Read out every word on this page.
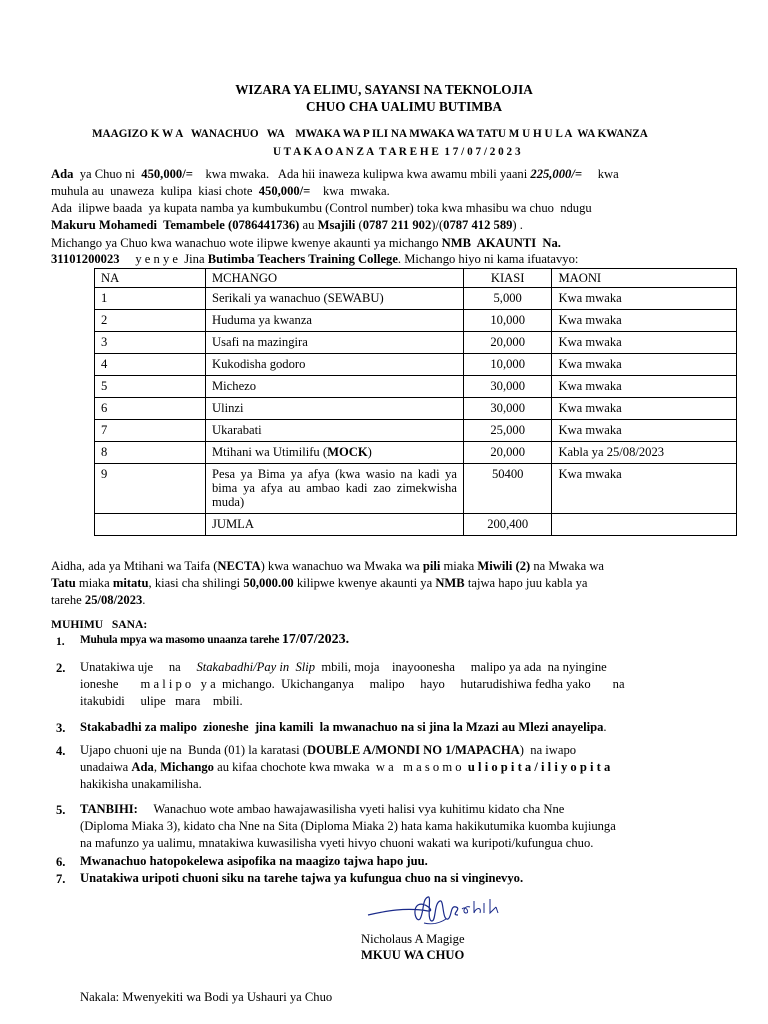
WIZARA YA ELIMU, SAYANSI NA TEKNOLOJIA
CHUO CHA UALIMU BUTIMBA
MAAGIZO K W A   WANACHUO   WA    MWAKA WA P ILI NA MWAKA WA TATU M U H U L A  WA KWANZA
U T A K A O A N Z A  T A R E H E  1 7 / 0 7 / 2 0 2 3
Ada  ya Chuo ni  450,000/=    kwa mwaka.   Ada hii inaweza kulipwa kwa awamu mbili yaani 225,000/=     kwa
muhula au  unaweza  kulipa  kiasi chote  450,000/=    kwa  mwaka.
Ada  ilipwe baada  ya kupata namba ya kumbukumbu (Control number) toka kwa mhasibu wa chuo  ndugu
Makuru Mohamedi  Temambele (0786441736) au Msajili (0787 211 902)/(0787 412 589) .
Michango ya Chuo kwa wanachuo wote ilipwe kwenye akaunti ya michango NMB  AKAUNTI  Na.
31101200023     y e n y e  Jina Butimba Teachers Training College. Michango hiyo ni kama ifuatavyo:
NA	MCHANGO	KIASI	MAONI
1	Serikali ya wanachuo (SEWABU)	5,000	Kwa mwaka
2	Huduma ya kwanza	10,000	Kwa mwaka
3	Usafi na mazingira	20,000	Kwa mwaka
4	Kukodisha godoro	10,000	Kwa mwaka
5	Michezo	30,000	Kwa mwaka
6	Ulinzi	30,000	Kwa mwaka
7	Ukarabati	25,000	Kwa mwaka
8	Mtihani wa Utimilifu (MOCK)	20,000	Kabla ya 25/08/2023
9	Pesa ya Bima ya afya (kwa wasio na kadi ya bima ya afya au ambao kadi zao zimekwisha muda)	50400	Kwa mwaka
	JUMLA	200,400	
Aidha, ada ya Mtihani wa Taifa (NECTA) kwa wanachuo wa Mwaka wa pili miaka Miwili (2) na Mwaka wa
Tatu miaka mitatu, kiasi cha shilingi 50,000.00 kilipwe kwenye akaunti ya NMB tajwa hapo juu kabla ya
tarehe 25/08/2023.
MUHIMU   SANA:
1. Muhula mpya wa masomo unaanza tarehe 17/07/2023.
2. Unatakiwa uje     na     Stakabadhi/Pay in  Slip  mbili, moja    inayoonesha     malipo ya ada  na nyingine
ioneshe       m a l i p o   y a  michango.  Ukichanganya     malipo     hayo     hutarudishiwa fedha yako       na
itakubidi     ulipe   mara    mbili.
3. Stakabadhi za malipo  zioneshe  jina kamili  la mwanachuo na si jina la Mzazi au Mlezi anayelipa.
4. Ujapo chuoni uje na  Bunda (01) la karatasi (DOUBLE A/MONDI NO 1/MAPACHA)  na iwapo
unadaiwa Ada, Michango au kifaa chochote kwa mwaka  w a   m a s o m o  u l i o p i t a / i l i y o p i t a
hakikisha unakamilisha.
5. TANBIHI:     Wanachuo wote ambao hawajawasilisha vyeti halisi vya kuhitimu kidato cha Nne
(Diploma Miaka 3), kidato cha Nne na Sita (Diploma Miaka 2) hata kama hakikutumika kuomba kujiunga
na mafunzo ya ualimu, mnatakiwa kuwasilisha vyeti hivyo chuoni wakati wa kuripoti/kufungua chuo.
6. Mwanachuo hatopokelewa asipofika na maagizo tajwa hapo juu.
7. Unatakiwa uripoti chuoni siku na tarehe tajwa ya kufungua chuo na si vinginevyo.
Nicholaus A Magige
MKUU WA CHUO
Nakala: Mwenyekiti wa Bodi ya Ushauri ya Chuo
